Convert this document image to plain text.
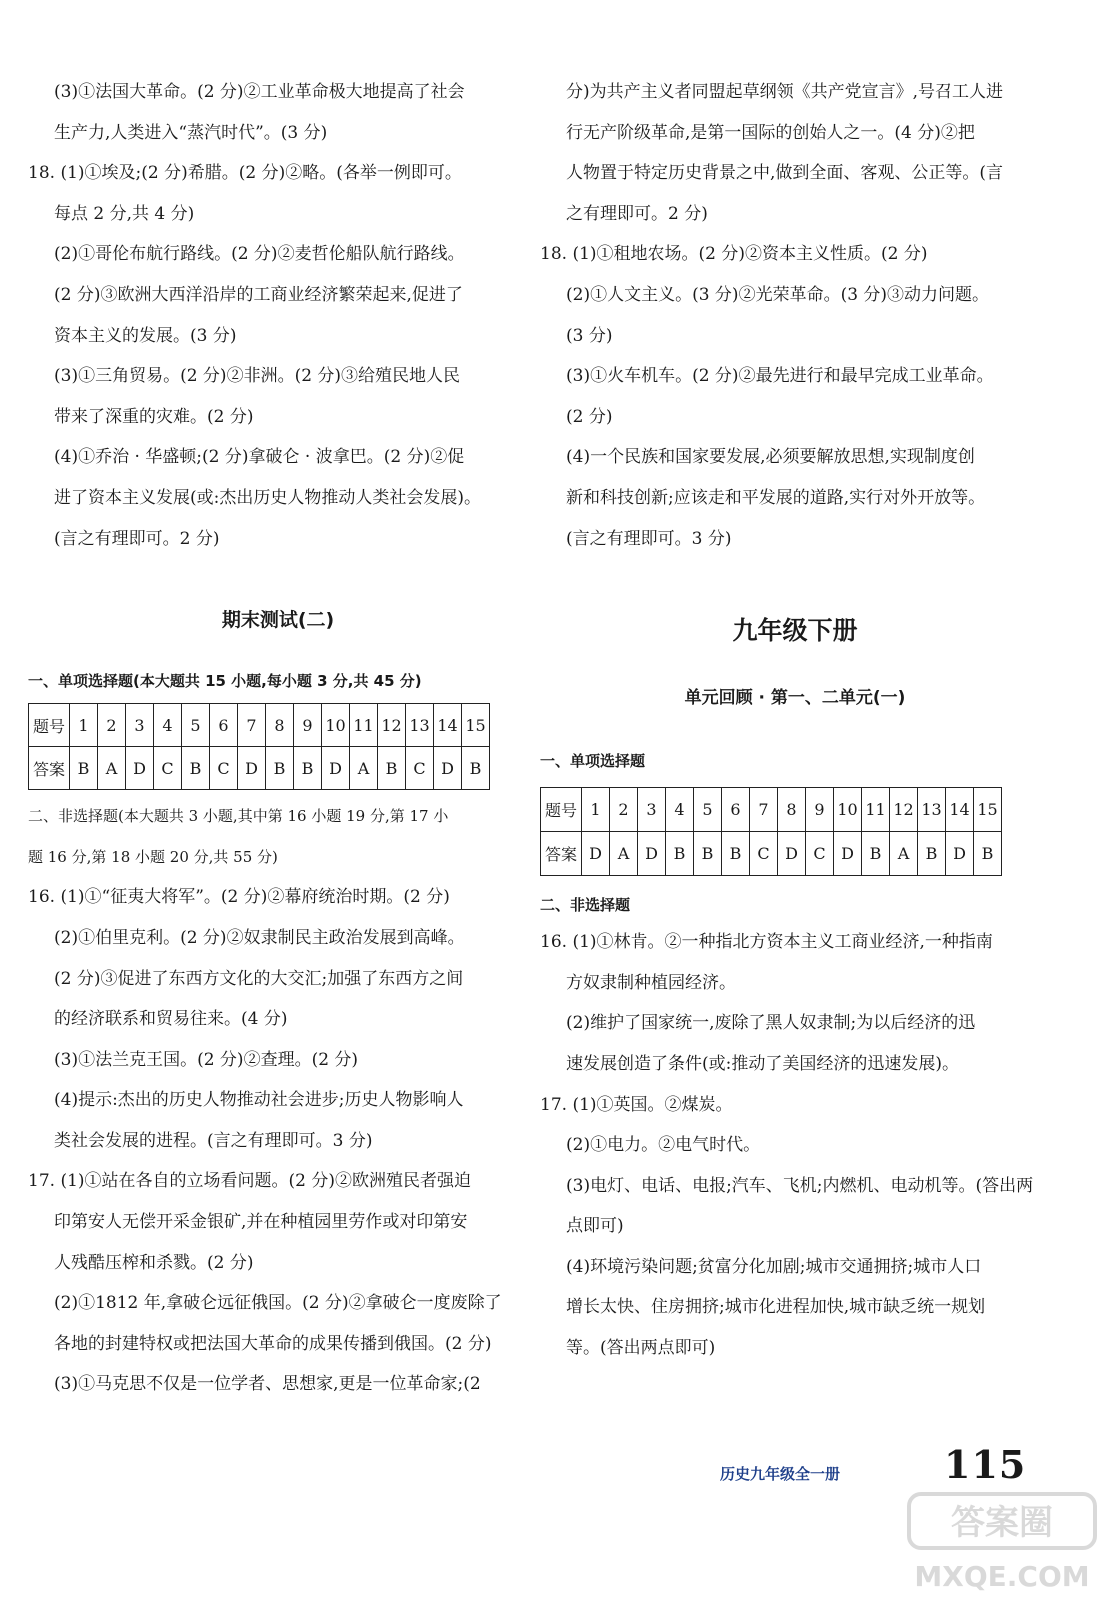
(3)①法国大革命。(2 分)②工业革命极大地提高了社会
生产力,人类进入“蒸汽时代”。(3 分)
18. (1)①埃及;(2 分)希腊。(2 分)②略。(各举一例即可。
每点 2 分,共 4 分)
(2)①哥伦布航行路线。(2 分)②麦哲伦船队航行路线。
(2 分)③欧洲大西洋沿岸的工商业经济繁荣起来,促进了
资本主义的发展。(3 分)
(3)①三角贸易。(2 分)②非洲。(2 分)③给殖民地人民
带来了深重的灾难。(2 分)
(4)①乔治 · 华盛顿;(2 分)拿破仑 · 波拿巴。(2 分)②促
进了资本主义发展(或:杰出历史人物推动人类社会发展)。
(言之有理即可。2 分)
期末测试(二)
一、单项选择题(本大题共 15 小题,每小题 3 分,共 45 分)
题号	1	2	3	4	5	6	7	8	9	10	11	12	13	14	15
答案	B	A	D	C	B	C	D	B	B	D	A	B	C	D	B
二、非选择题(本大题共 3 小题,其中第 16 小题 19 分,第 17 小
题 16 分,第 18 小题 20 分,共 55 分)
16. (1)①“征夷大将军”。(2 分)②幕府统治时期。(2 分)
(2)①伯里克利。(2 分)②奴隶制民主政治发展到高峰。
(2 分)③促进了东西方文化的大交汇;加强了东西方之间
的经济联系和贸易往来。(4 分)
(3)①法兰克王国。(2 分)②查理。(2 分)
(4)提示:杰出的历史人物推动社会进步;历史人物影响人
类社会发展的进程。(言之有理即可。3 分)
17. (1)①站在各自的立场看问题。(2 分)②欧洲殖民者强迫
印第安人无偿开采金银矿,并在种植园里劳作或对印第安
人残酷压榨和杀戮。(2 分)
(2)①1812 年,拿破仑远征俄国。(2 分)②拿破仑一度废除了
各地的封建特权或把法国大革命的成果传播到俄国。(2 分)
(3)①马克思不仅是一位学者、思想家,更是一位革命家;(2
分)为共产主义者同盟起草纲领《共产党宣言》,号召工人进
行无产阶级革命,是第一国际的创始人之一。(4 分)②把
人物置于特定历史背景之中,做到全面、客观、公正等。(言
之有理即可。2 分)
18. (1)①租地农场。(2 分)②资本主义性质。(2 分)
(2)①人文主义。(3 分)②光荣革命。(3 分)③动力问题。
(3 分)
(3)①火车机车。(2 分)②最先进行和最早完成工业革命。
(2 分)
(4)一个民族和国家要发展,必须要解放思想,实现制度创
新和科技创新;应该走和平发展的道路,实行对外开放等。
(言之有理即可。3 分)
九年级下册
单元回顾 · 第一、二单元(一)
一、单项选择题
题号	1	2	3	4	5	6	7	8	9	10	11	12	13	14	15
答案	D	A	D	B	B	B	C	D	C	D	B	A	B	D	B
二、非选择题
16. (1)①林肯。②一种指北方资本主义工商业经济,一种指南
方奴隶制种植园经济。
(2)维护了国家统一,废除了黑人奴隶制;为以后经济的迅
速发展创造了条件(或:推动了美国经济的迅速发展)。
17. (1)①英国。②煤炭。
(2)①电力。②电气时代。
(3)电灯、电话、电报;汽车、飞机;内燃机、电动机等。(答出两
点即可)
(4)环境污染问题;贫富分化加剧;城市交通拥挤;城市人口
增长太快、住房拥挤;城市化进程加快,城市缺乏统一规划
等。(答出两点即可)
历史九年级全一册	115
答案圈
MXQE.COM
